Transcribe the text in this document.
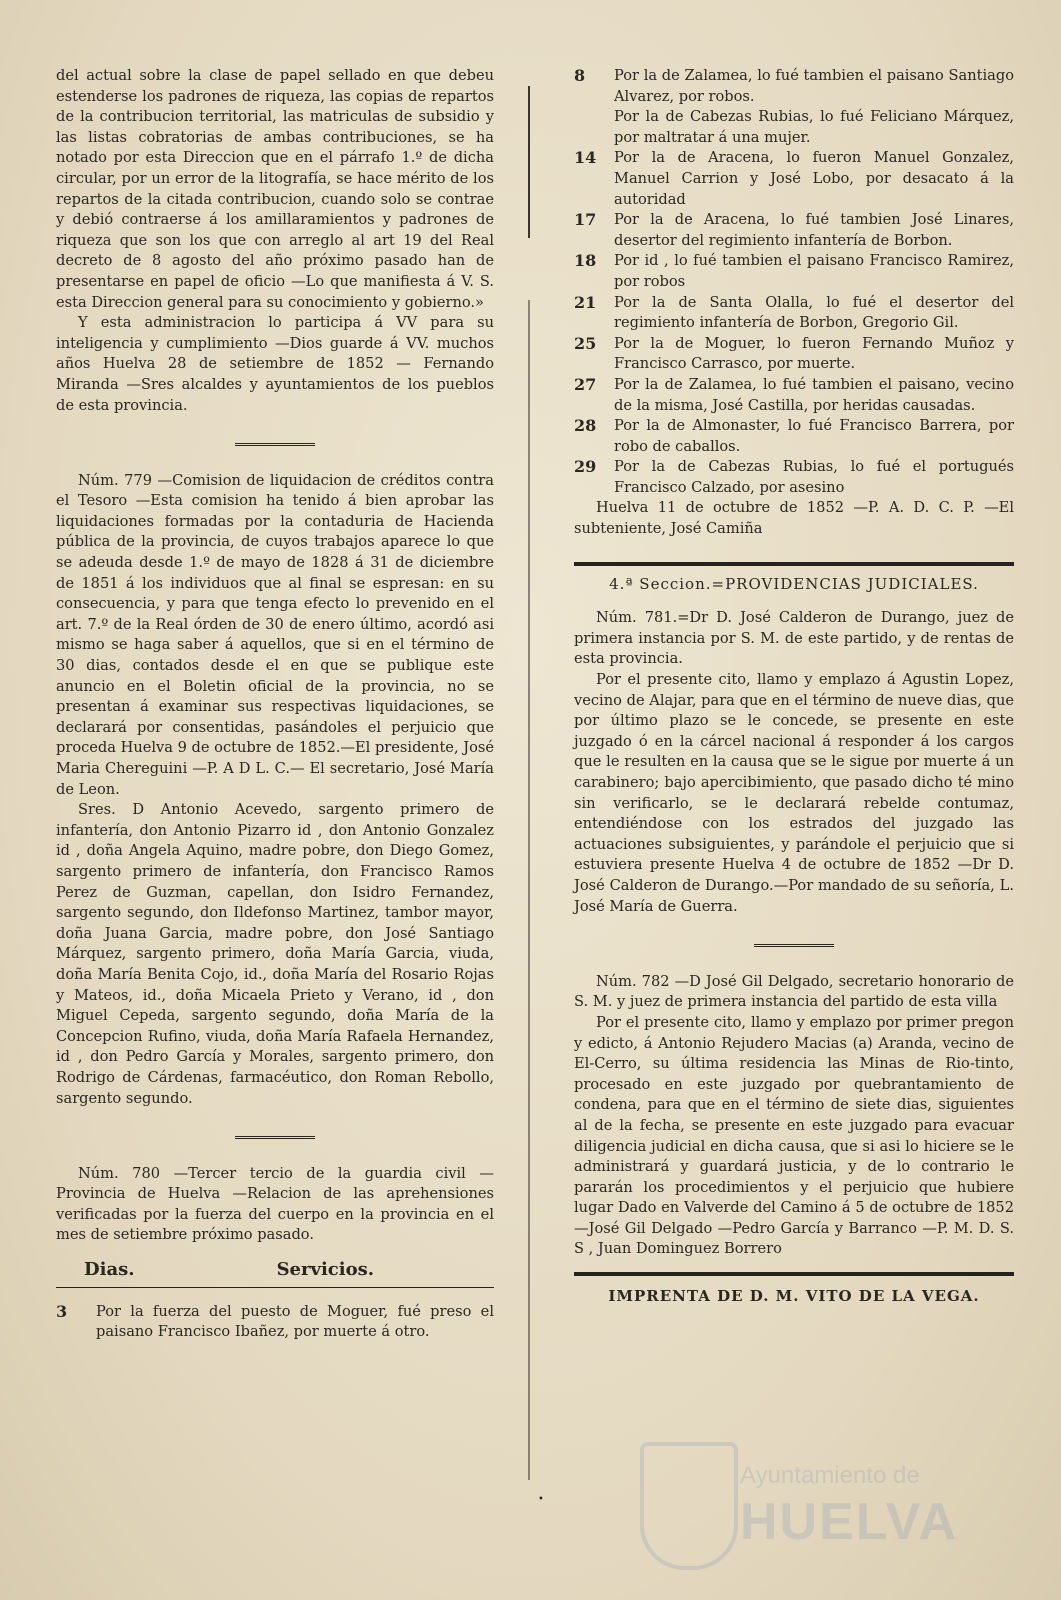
del actual sobre la clase de papel sellado en que debeu estenderse los padrones de riqueza, las copias de repartos de la contribucion territorial, las matriculas de subsidio y las listas cobratorias de ambas contribuciones, se ha notado por esta Direccion que en el párrafo 1.º de dicha circular, por un error de la litografía, se hace mérito de los repartos de la citada contribucion, cuando solo se contrae y debió contraerse á los amillaramientos y padrones de riqueza que son los que con arreglo al art 19 del Real decreto de 8 agosto del año próximo pasado han de presentarse en papel de oficio —Lo que manifiesta á V. S. esta Direccion general para su conocimiento y gobierno.»

Y esta administracion lo participa á VV para su inteligencia y cumplimiento —Dios guarde á VV. muchos años Huelva 28 de setiembre de 1852 — Fernando Miranda —Sres alcaldes y ayuntamientos de los pueblos de esta provincia.

Núm. 779 —Comision de liquidacion de créditos contra el Tesoro —Esta comision ha tenido á bien aprobar las liquidaciones formadas por la contaduria de Hacienda pública de la provincia, de cuyos trabajos aparece lo que se adeuda desde 1.º de mayo de 1828 á 31 de diciembre de 1851 á los individuos que al final se espresan: en su consecuencia, y para que tenga efecto lo prevenido en el art. 7.º de la Real órden de 30 de enero último, acordó asi mismo se haga saber á aquellos, que si en el término de 30 dias, contados desde el en que se publique este anuncio en el Boletin oficial de la provincia, no se presentan á examinar sus respectivas liquidaciones, se declarará por consentidas, pasándoles el perjuicio que proceda Huelva 9 de octubre de 1852.—El presidente, José Maria Chereguini —P. A D L. C.— El secretario, José María de Leon.

Sres. D Antonio Acevedo, sargento primero de infantería, don Antonio Pizarro id , don Antonio Gonzalez id , doña Angela Aquino, madre pobre, don Diego Gomez, sargento primero de infantería, don Francisco Ramos Perez de Guzman, capellan, don Isidro Fernandez, sargento segundo, don Ildefonso Martinez, tambor mayor, doña Juana Garcia, madre pobre, don José Santiago Márquez, sargento primero, doña María Garcia, viuda, doña María Benita Cojo, id., doña María del Rosario Rojas y Mateos, id., doña Micaela Prieto y Verano, id , don Miguel Cepeda, sargento segundo, doña María de la Concepcion Rufino, viuda, doña María Rafaela Hernandez, id , don Pedro García y Morales, sargento primero, don Rodrigo de Cárdenas, farmacéutico, don Roman Rebollo, sargento segundo.

Núm. 780 —Tercer tercio de la guardia civil — Provincia de Huelva —Relacion de las aprehensiones verificadas por la fuerza del cuerpo en la provincia en el mes de setiembre próximo pasado.

Dias.	Servicios.
3	Por la fuerza del puesto de Moguer, fué preso el paisano Francisco Ibañez, por muerte á otro.
8	Por la de Zalamea, lo fué tambien el paisano Santiago Alvarez, por robos.
Por la de Cabezas Rubias, lo fué Feliciano Márquez, por maltratar á una mujer.
14	Por la de Aracena, lo fueron Manuel Gonzalez, Manuel Carrion y José Lobo, por desacato á la autoridad
17	Por la de Aracena, lo fué tambien José Linares, desertor del regimiento infantería de Borbon.
18	Por id , lo fué tambien el paisano Francisco Ramirez, por robos
21	Por la de Santa Olalla, lo fué el desertor del regimiento infantería de Borbon, Gregorio Gil.
25	Por la de Moguer, lo fueron Fernando Muñoz y Francisco Carrasco, por muerte.
27	Por la de Zalamea, lo fué tambien el paisano, vecino de la misma, José Castilla, por heridas causadas.
28	Por la de Almonaster, lo fué Francisco Barrera, por robo de caballos.
29	Por la de Cabezas Rubias, lo fué el portugués Francisco Calzado, por asesino

Huelva 11 de octubre de 1852 —P. A. D. C. P. —El subteniente, José Camiña

4.ª Seccion.=PROVIDENCIAS JUDICIALES.

Núm. 781.=Dr D. José Calderon de Durango, juez de primera instancia por S. M. de este partido, y de rentas de esta provincia.

Por el presente cito, llamo y emplazo á Agustin Lopez, vecino de Alajar, para que en el término de nueve dias, que por último plazo se le concede, se presente en este juzgado ó en la cárcel nacional á responder á los cargos que le resulten en la causa que se le sigue por muerte á un carabinero; bajo apercibimiento, que pasado dicho té mino sin verificarlo, se le declarará rebelde contumaz, entendiéndose con los estrados del juzgado las actuaciones subsiguientes, y parándole el perjuicio que si estuviera presente Huelva 4 de octubre de 1852 —Dr D. José Calderon de Durango.—Por mandado de su señoría, L. José María de Guerra.

Núm. 782 —D José Gil Delgado, secretario honorario de S. M. y juez de primera instancia del partido de esta villa

Por el presente cito, llamo y emplazo por primer pregon y edicto, á Antonio Rejudero Macias (a) Aranda, vecino de El-Cerro, su última residencia las Minas de Rio-tinto, procesado en este juzgado por quebrantamiento de condena, para que en el término de siete dias, siguientes al de la fecha, se presente en este juzgado para evacuar diligencia judicial en dicha causa, que si asi lo hiciere se le administrará y guardará justicia, y de lo contrario le pararán los procedimientos y el perjuicio que hubiere lugar Dado en Valverde del Camino á 5 de octubre de 1852 —José Gil Delgado —Pedro García y Barranco —P. M. D. S. S , Juan Dominguez Borrero

IMPRENTA DE D. M. VITO DE LA VEGA.
•
Ayuntamiento de
HUELVA
